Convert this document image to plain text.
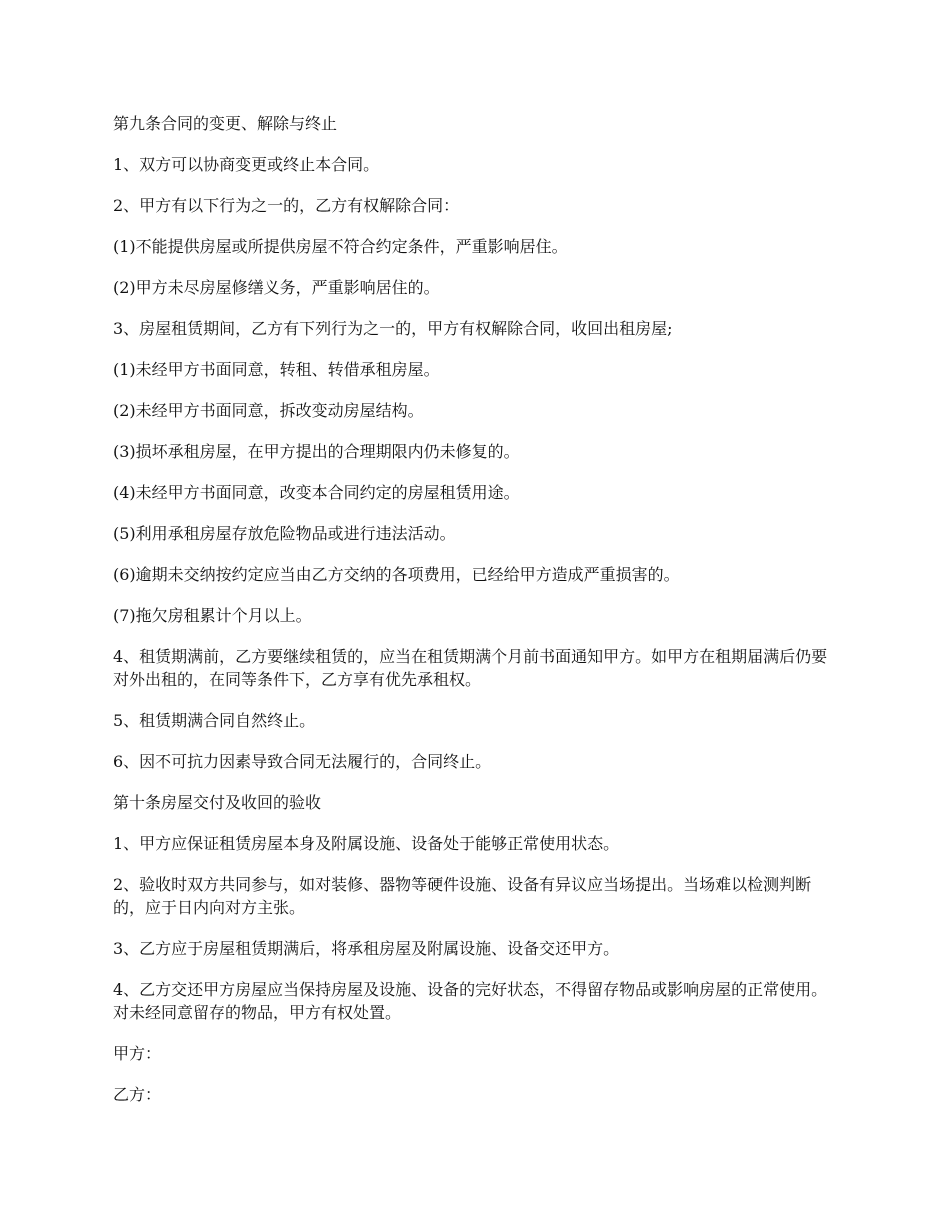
第九条合同的变更、解除与终止

1、双方可以协商变更或终止本合同。

2、甲方有以下行为之一的，乙方有权解除合同：

(1)不能提供房屋或所提供房屋不符合约定条件，严重影响居住。

(2)甲方未尽房屋修缮义务，严重影响居住的。

3、房屋租赁期间，乙方有下列行为之一的，甲方有权解除合同，收回出租房屋;

(1)未经甲方书面同意，转租、转借承租房屋。

(2)未经甲方书面同意，拆改变动房屋结构。

(3)损坏承租房屋，在甲方提出的合理期限内仍未修复的。

(4)未经甲方书面同意，改变本合同约定的房屋租赁用途。

(5)利用承租房屋存放危险物品或进行违法活动。

(6)逾期未交纳按约定应当由乙方交纳的各项费用，已经给甲方造成严重损害的。

(7)拖欠房租累计个月以上。

4、租赁期满前，乙方要继续租赁的，应当在租赁期满个月前书面通知甲方。如甲方在租期届满后仍要对外出租的，在同等条件下，乙方享有优先承租权。

5、租赁期满合同自然终止。

6、因不可抗力因素导致合同无法履行的，合同终止。

第十条房屋交付及收回的验收

1、甲方应保证租赁房屋本身及附属设施、设备处于能够正常使用状态。

2、验收时双方共同参与，如对装修、器物等硬件设施、设备有异议应当场提出。当场难以检测判断的，应于日内向对方主张。

3、乙方应于房屋租赁期满后，将承租房屋及附属设施、设备交还甲方。

4、乙方交还甲方房屋应当保持房屋及设施、设备的完好状态，不得留存物品或影响房屋的正常使用。对未经同意留存的物品，甲方有权处置。

甲方：

乙方：
